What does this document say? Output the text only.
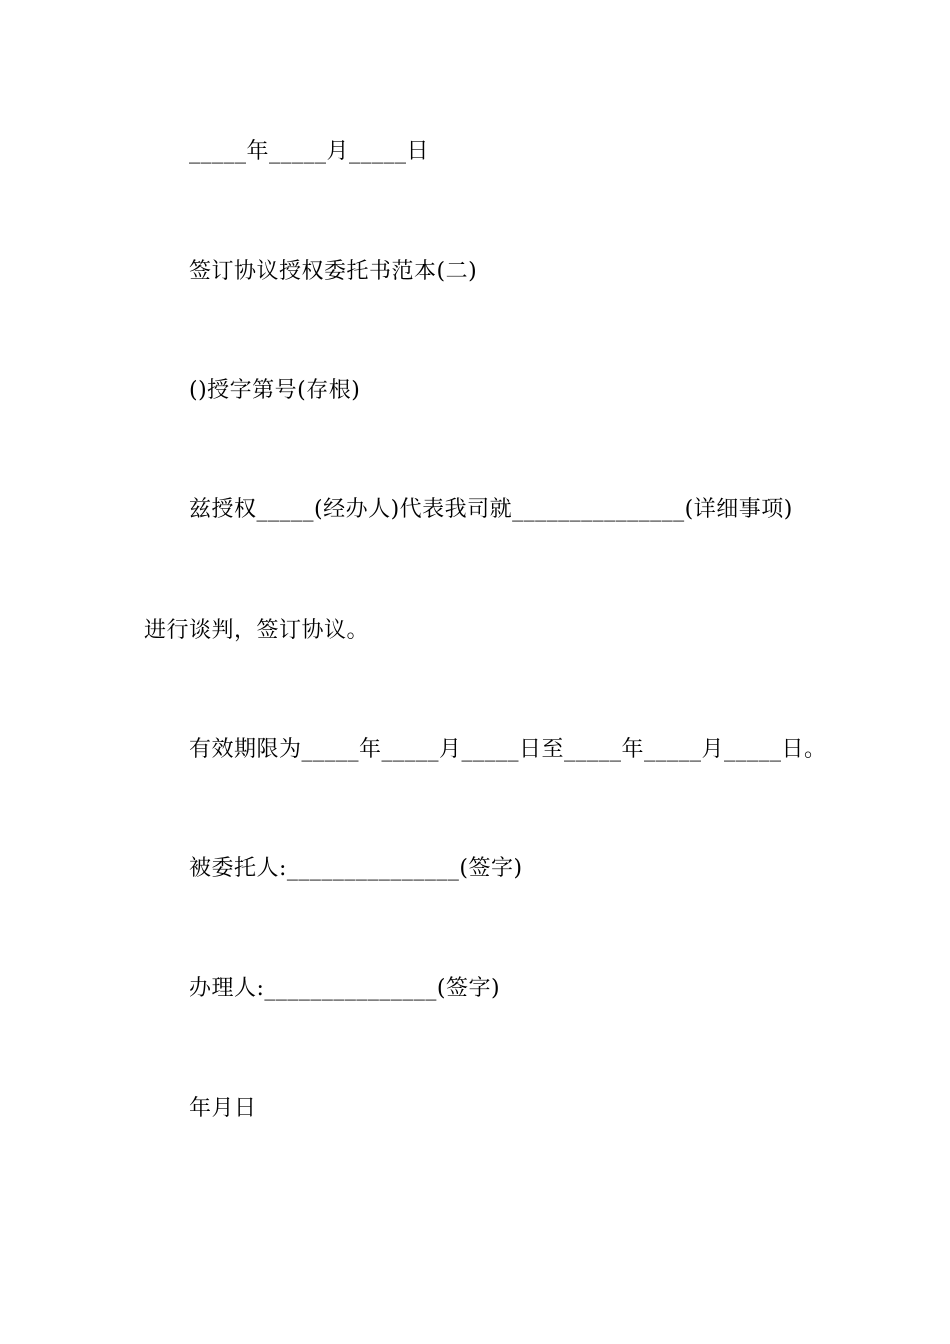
_____年_____月_____日
签订协议授权委托书范本(二)
()授字第号(存根)
兹授权_____(经办人)代表我司就_______________(详细事项)
进行谈判，签订协议。
有效期限为_____年_____月_____日至_____年_____月_____日。
被委托人:_______________(签字)
办理人:_______________(签字)
年月日
